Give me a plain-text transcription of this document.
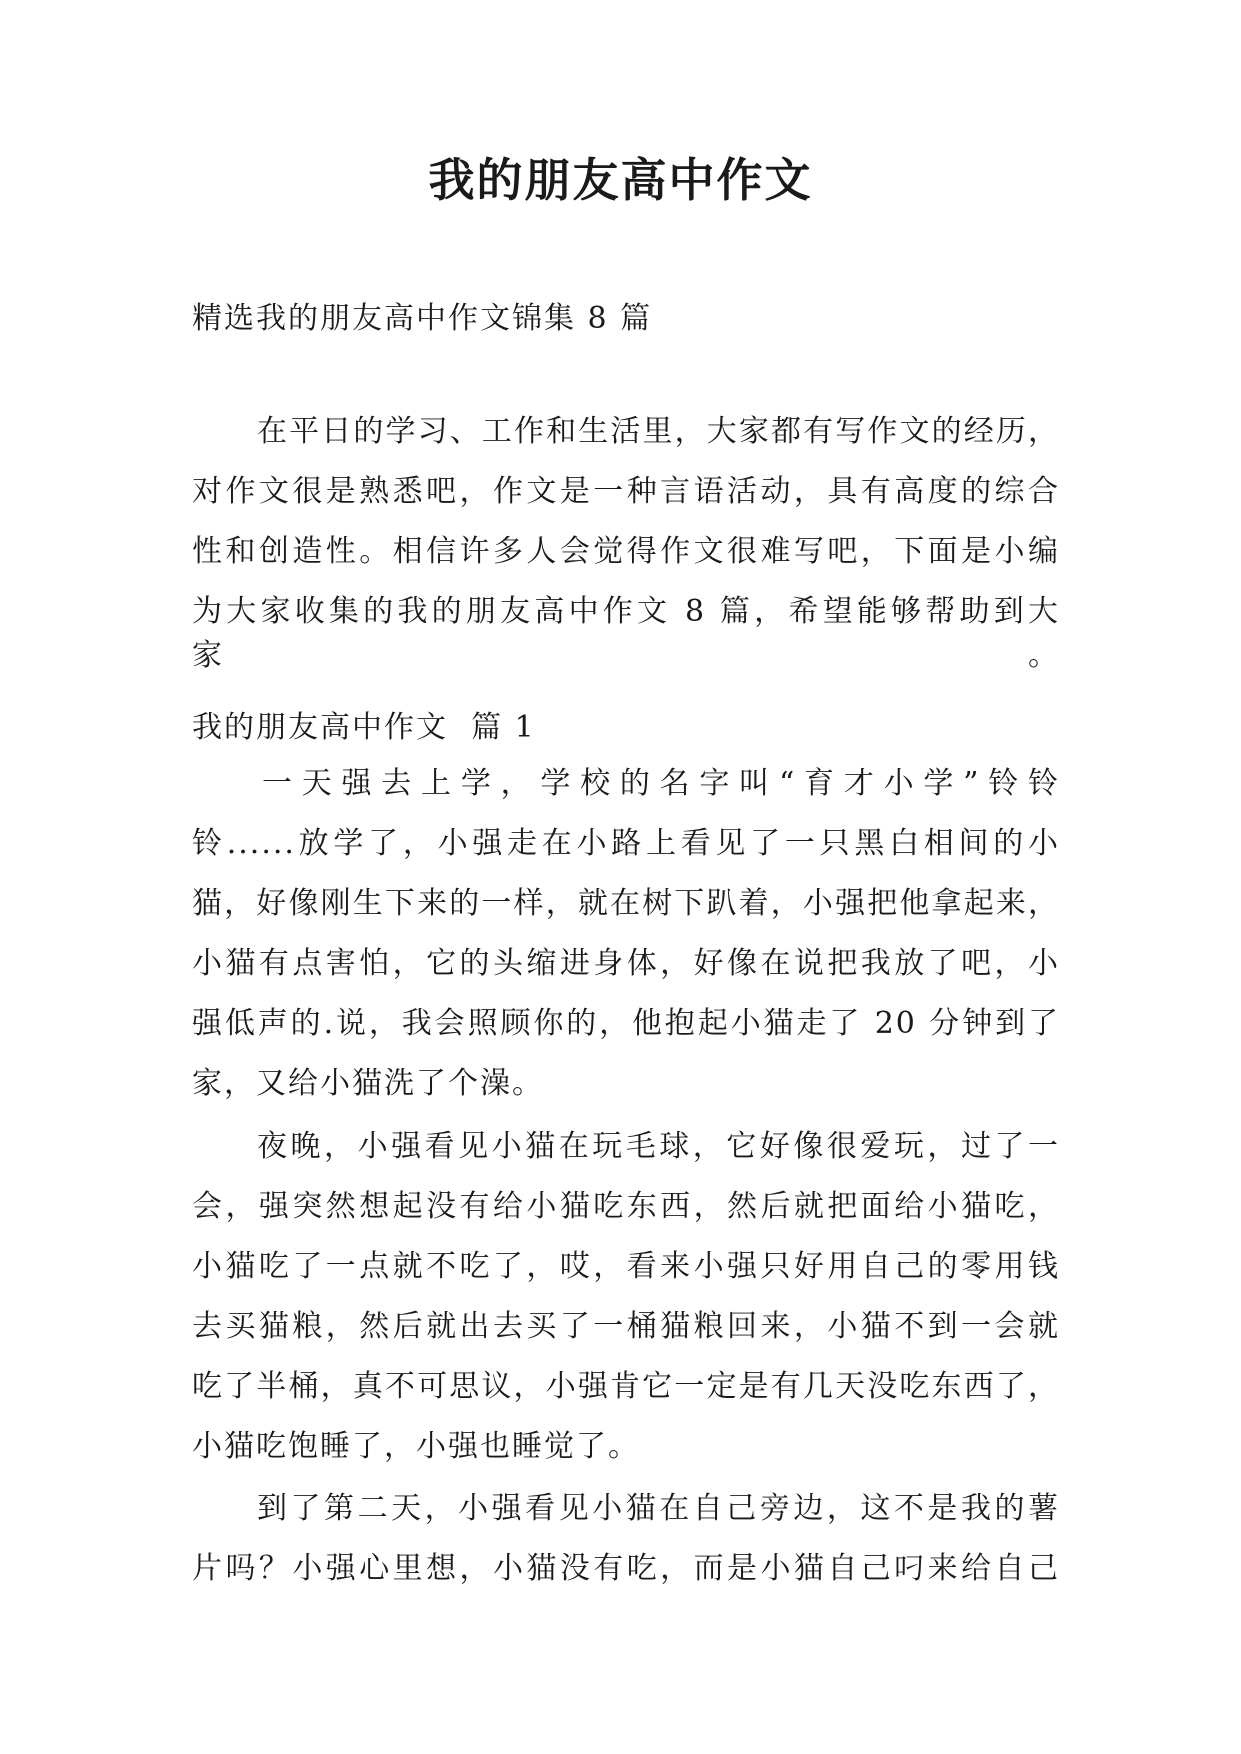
我的朋友高中作文
精选我的朋友高中作文锦集 8 篇
在平日的学习、工作和生活里，大家都有写作文的经历，
对作文很是熟悉吧，作文是一种言语活动，具有高度的综合
性和创造性。相信许多人会觉得作文很难写吧，下面是小编
为大家收集的我的朋友高中作文 8 篇，希望能够帮助到大家。
我的朋友高中作文  篇 1
一天强去上学，学校的名字叫“育才小学”铃铃
铃......放学了，小强走在小路上看见了一只黑白相间的小
猫，好像刚生下来的一样，就在树下趴着，小强把他拿起来，
小猫有点害怕，它的头缩进身体，好像在说把我放了吧，小
强低声的.说，我会照顾你的，他抱起小猫走了 20 分钟到了
家，又给小猫洗了个澡。
夜晚，小强看见小猫在玩毛球，它好像很爱玩，过了一
会，强突然想起没有给小猫吃东西，然后就把面给小猫吃，
小猫吃了一点就不吃了，哎，看来小强只好用自己的零用钱
去买猫粮，然后就出去买了一桶猫粮回来，小猫不到一会就
吃了半桶，真不可思议，小强肯它一定是有几天没吃东西了，
小猫吃饱睡了，小强也睡觉了。
到了第二天，小强看见小猫在自己旁边，这不是我的薯
片吗？小强心里想，小猫没有吃，而是小猫自己叼来给自己
